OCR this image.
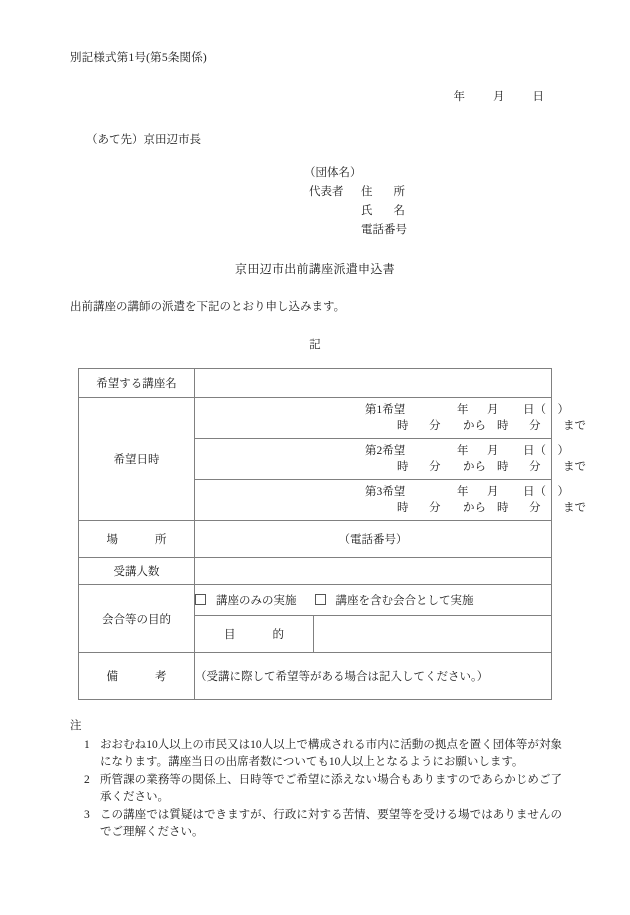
別記様式第1号(第5条関係)
年 月 日
（あて先）京田辺市長
（団体名）
代表者 住　所
氏　名
電話番号
京田辺市出前講座派遣申込書
出前講座の講師の派遣を下記のとおり申し込みます。
記
希望する講座名		
希望日時	第1希望 年 月 日（　）
時 分 から 時 分 まで	

	第2希望 年 月 日（　）
時 分 から 時 分 まで	

	第3希望 年 月 日（　）
時 分 から 時 分 まで	

場　　所	（電話番号）	
受講人数		
会合等の目的	講座のみの実施 講座を含む会合として実施	
	目　　的	
備　　考	（受講に際して希望等がある場合は記入してください。）	
注
1 おおむね10人以上の市民又は10人以上で構成される市内に活動の拠点を置く団体等が対象になります。講座当日の出席者数についても10人以上となるようにお願いします。
2 所管課の業務等の関係上、日時等でご希望に添えない場合もありますのであらかじめご了承ください。
3 この講座では質疑はできますが、行政に対する苦情、要望等を受ける場ではありませんのでご理解ください。
